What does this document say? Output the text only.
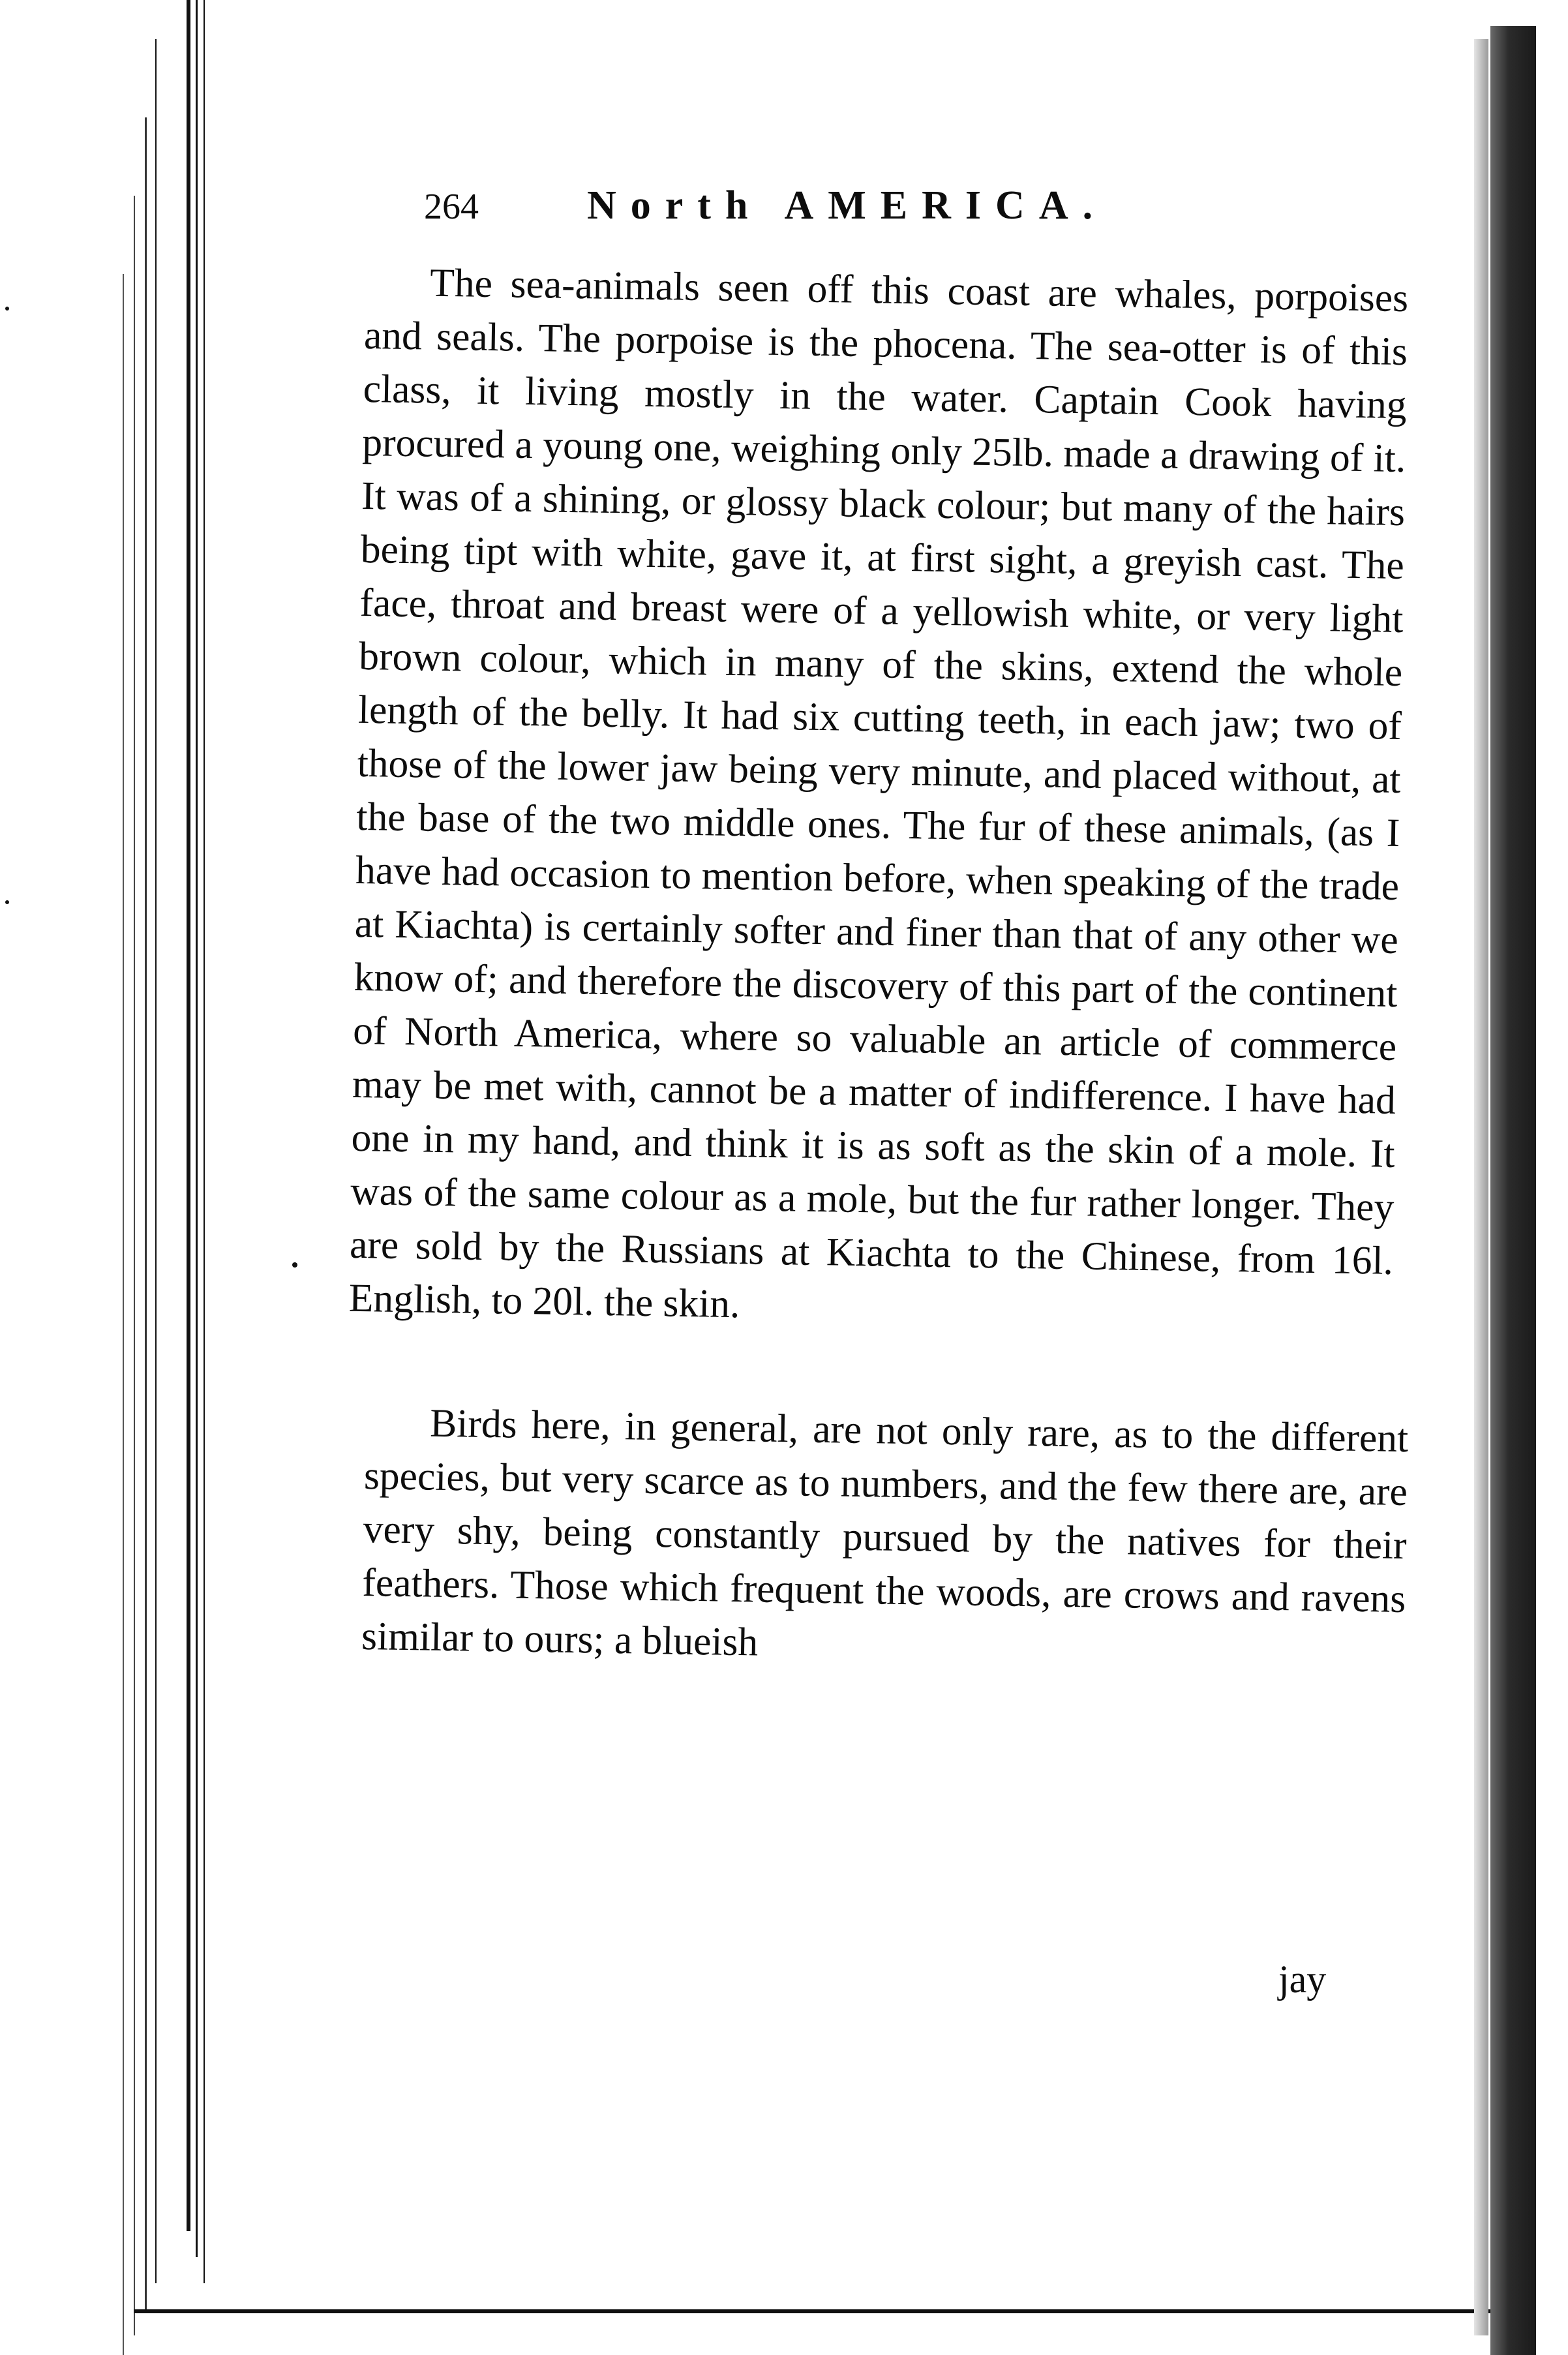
264	North AMERICA.

The sea-animals seen off this coast are whales, porpoises and seals. The porpoise is the phocena. The sea-otter is of this class, it living mostly in the water. Captain Cook having procured a young one, weighing only 25lb. made a drawing of it. It was of a shining, or glossy black colour; but many of the hairs being tipt with white, gave it, at first sight, a greyish cast. The face, throat and breast were of a yellowish white, or very light brown colour, which in many of the skins, extend the whole length of the belly. It had six cutting teeth, in each jaw; two of those of the lower jaw being very minute, and placed without, at the base of the two middle ones. The fur of these animals, (as I have had occasion to mention before, when speaking of the trade at Kiachta) is certainly softer and finer than that of any other we know of; and therefore the discovery of this part of the continent of North America, where so valuable an article of commerce may be met with, cannot be a matter of indifference. I have had one in my hand, and think it is as soft as the skin of a mole. It was of the same colour as a mole, but the fur rather longer. They are sold by the Russians at Kiachta to the Chinese, from 16l. English, to 20l. the skin.

Birds here, in general, are not only rare, as to the different species, but very scarce as to numbers, and the few there are, are very shy, being constantly pursued by the natives for their feathers. Those which frequent the woods, are crows and ravens similar to ours; a blueish

jay
